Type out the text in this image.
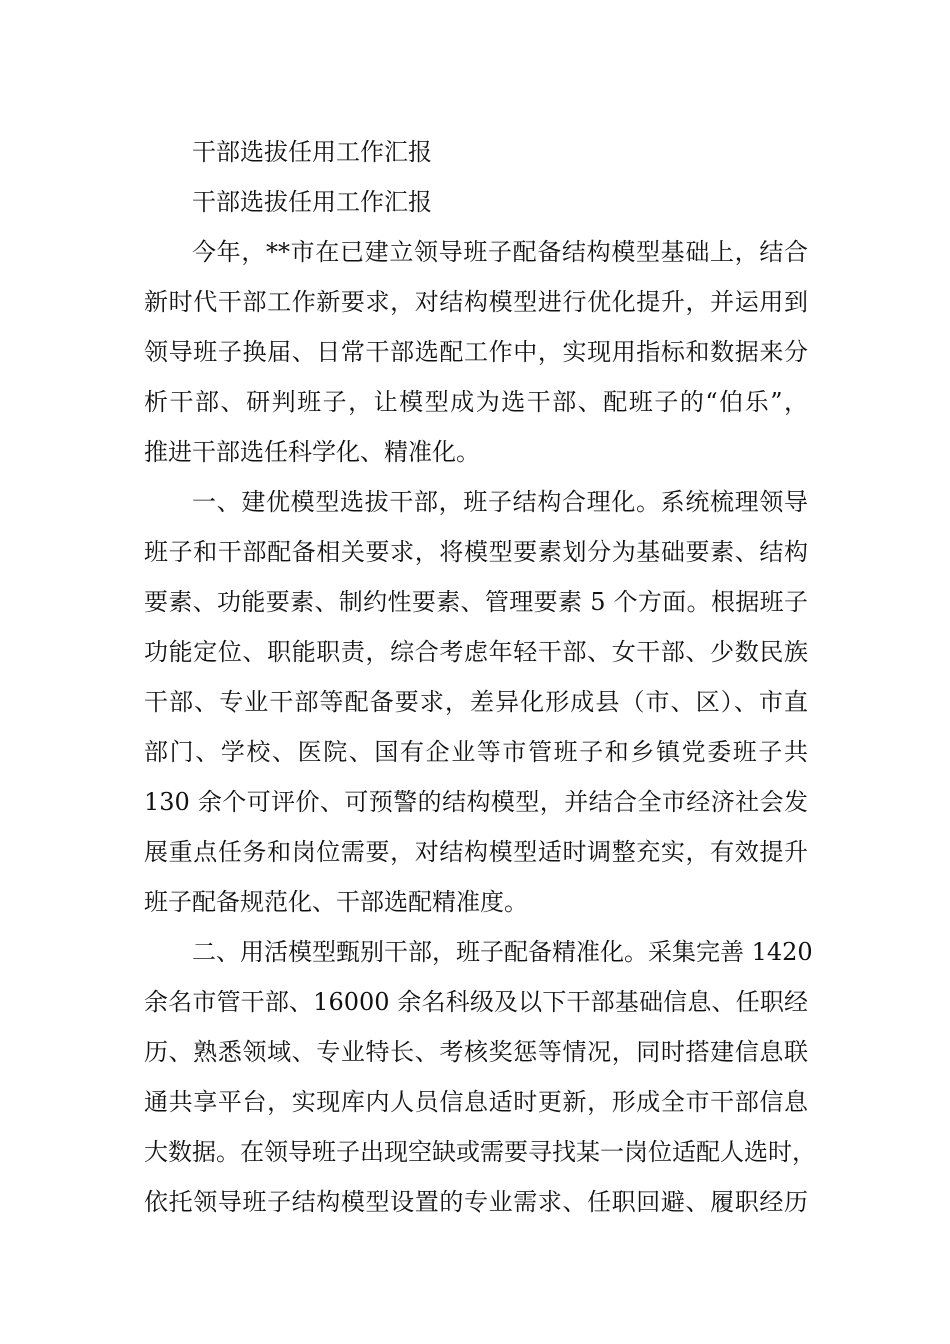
干部选拔任用工作汇报
干部选拔任用工作汇报
今年，**市在已建立领导班子配备结构模型基础上，结合
新时代干部工作新要求，对结构模型进行优化提升，并运用到
领导班子换届、日常干部选配工作中，实现用指标和数据来分
析干部、研判班子，让模型成为选干部、配班子的“伯乐”，
推进干部选任科学化、精准化。
一、建优模型选拔干部，班子结构合理化。系统梳理领导
班子和干部配备相关要求，将模型要素划分为基础要素、结构
要素、功能要素、制约性要素、管理要素 5 个方面。根据班子
功能定位、职能职责，综合考虑年轻干部、女干部、少数民族
干部、专业干部等配备要求，差异化形成县（市、区）、市直
部门、学校、医院、国有企业等市管班子和乡镇党委班子共
130 余个可评价、可预警的结构模型，并结合全市经济社会发
展重点任务和岗位需要，对结构模型适时调整充实，有效提升
班子配备规范化、干部选配精准度。
二、用活模型甄别干部，班子配备精准化。采集完善 1420
余名市管干部、16000 余名科级及以下干部基础信息、任职经
历、熟悉领域、专业特长、考核奖惩等情况，同时搭建信息联
通共享平台，实现库内人员信息适时更新，形成全市干部信息
大数据。在领导班子出现空缺或需要寻找某一岗位适配人选时，
依托领导班子结构模型设置的专业需求、任职回避、履职经历
